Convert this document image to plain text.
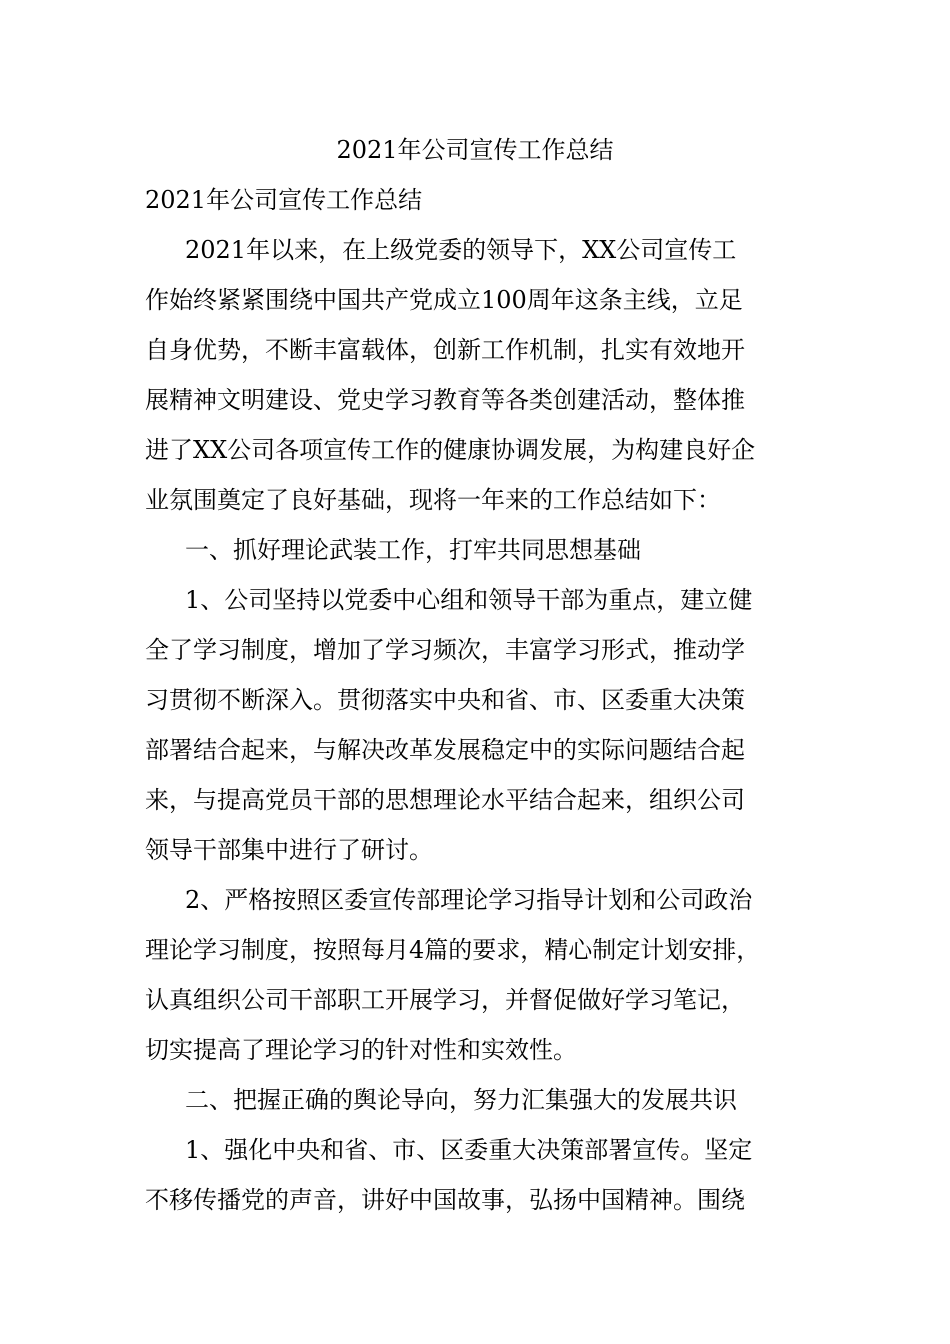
2021年公司宣传工作总结
2021年公司宣传工作总结
2021年以来，在上级党委的领导下，XX公司宣传工
作始终紧紧围绕中国共产党成立100周年这条主线，立足
自身优势，不断丰富载体，创新工作机制，扎实有效地开
展精神文明建设、党史学习教育等各类创建活动，整体推
进了XX公司各项宣传工作的健康协调发展，为构建良好企
业氛围奠定了良好基础，现将一年来的工作总结如下：
一、抓好理论武装工作，打牢共同思想基础
1、公司坚持以党委中心组和领导干部为重点，建立健
全了学习制度，增加了学习频次，丰富学习形式，推动学
习贯彻不断深入。贯彻落实中央和省、市、区委重大决策
部署结合起来，与解决改革发展稳定中的实际问题结合起
来，与提高党员干部的思想理论水平结合起来，组织公司
领导干部集中进行了研讨。
2、严格按照区委宣传部理论学习指导计划和公司政治
理论学习制度，按照每月4篇的要求，精心制定计划安排，
认真组织公司干部职工开展学习，并督促做好学习笔记，
切实提高了理论学习的针对性和实效性。
二、把握正确的舆论导向，努力汇集强大的发展共识
1、强化中央和省、市、区委重大决策部署宣传。坚定
不移传播党的声音，讲好中国故事，弘扬中国精神。围绕
